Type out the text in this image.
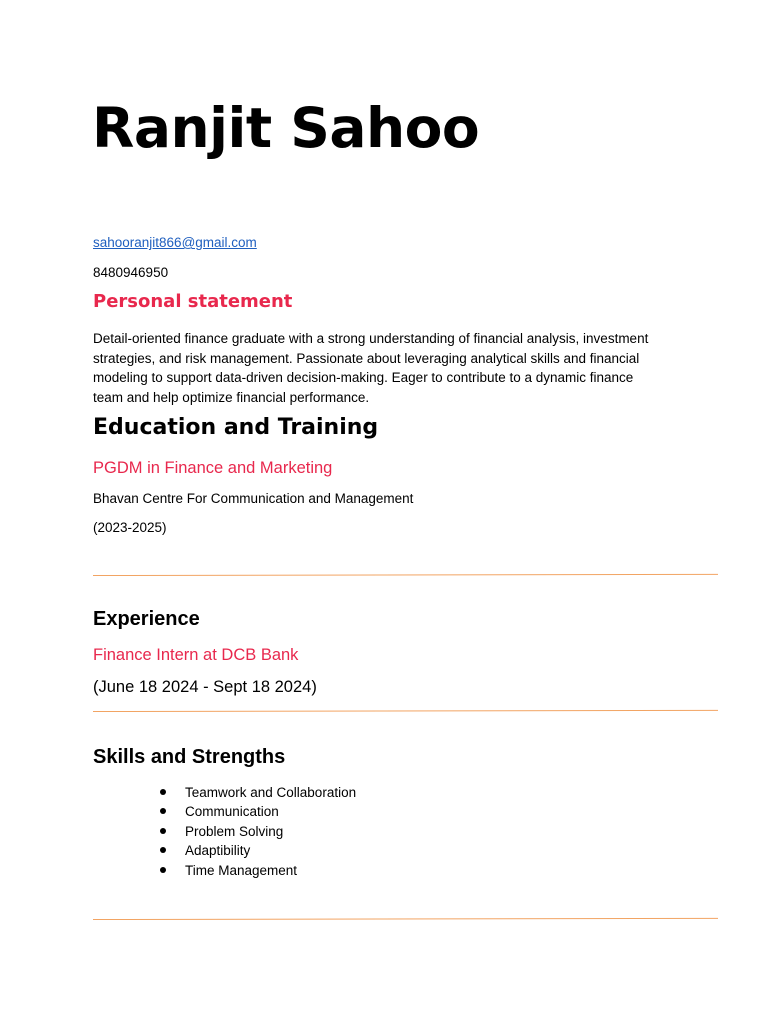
Ranjit Sahoo
sahooranjit866@gmail.com
8480946950
Personal statement

Detail-oriented finance graduate with a strong understanding of financial analysis, investment strategies, and risk management. Passionate about leveraging analytical skills and financial modeling to support data-driven decision-making. Eager to contribute to a dynamic finance team and help optimize financial performance.

Education and Training
PGDM in Finance and Marketing
Bhavan Centre For Communication and Management
(2023-2025)
Experience
Finance Intern at DCB Bank
(June 18 2024 - Sept 18 2024)
Skills and Strengths
Teamwork and Collaboration
Communication
Problem Solving
Adaptibility
Time Management
